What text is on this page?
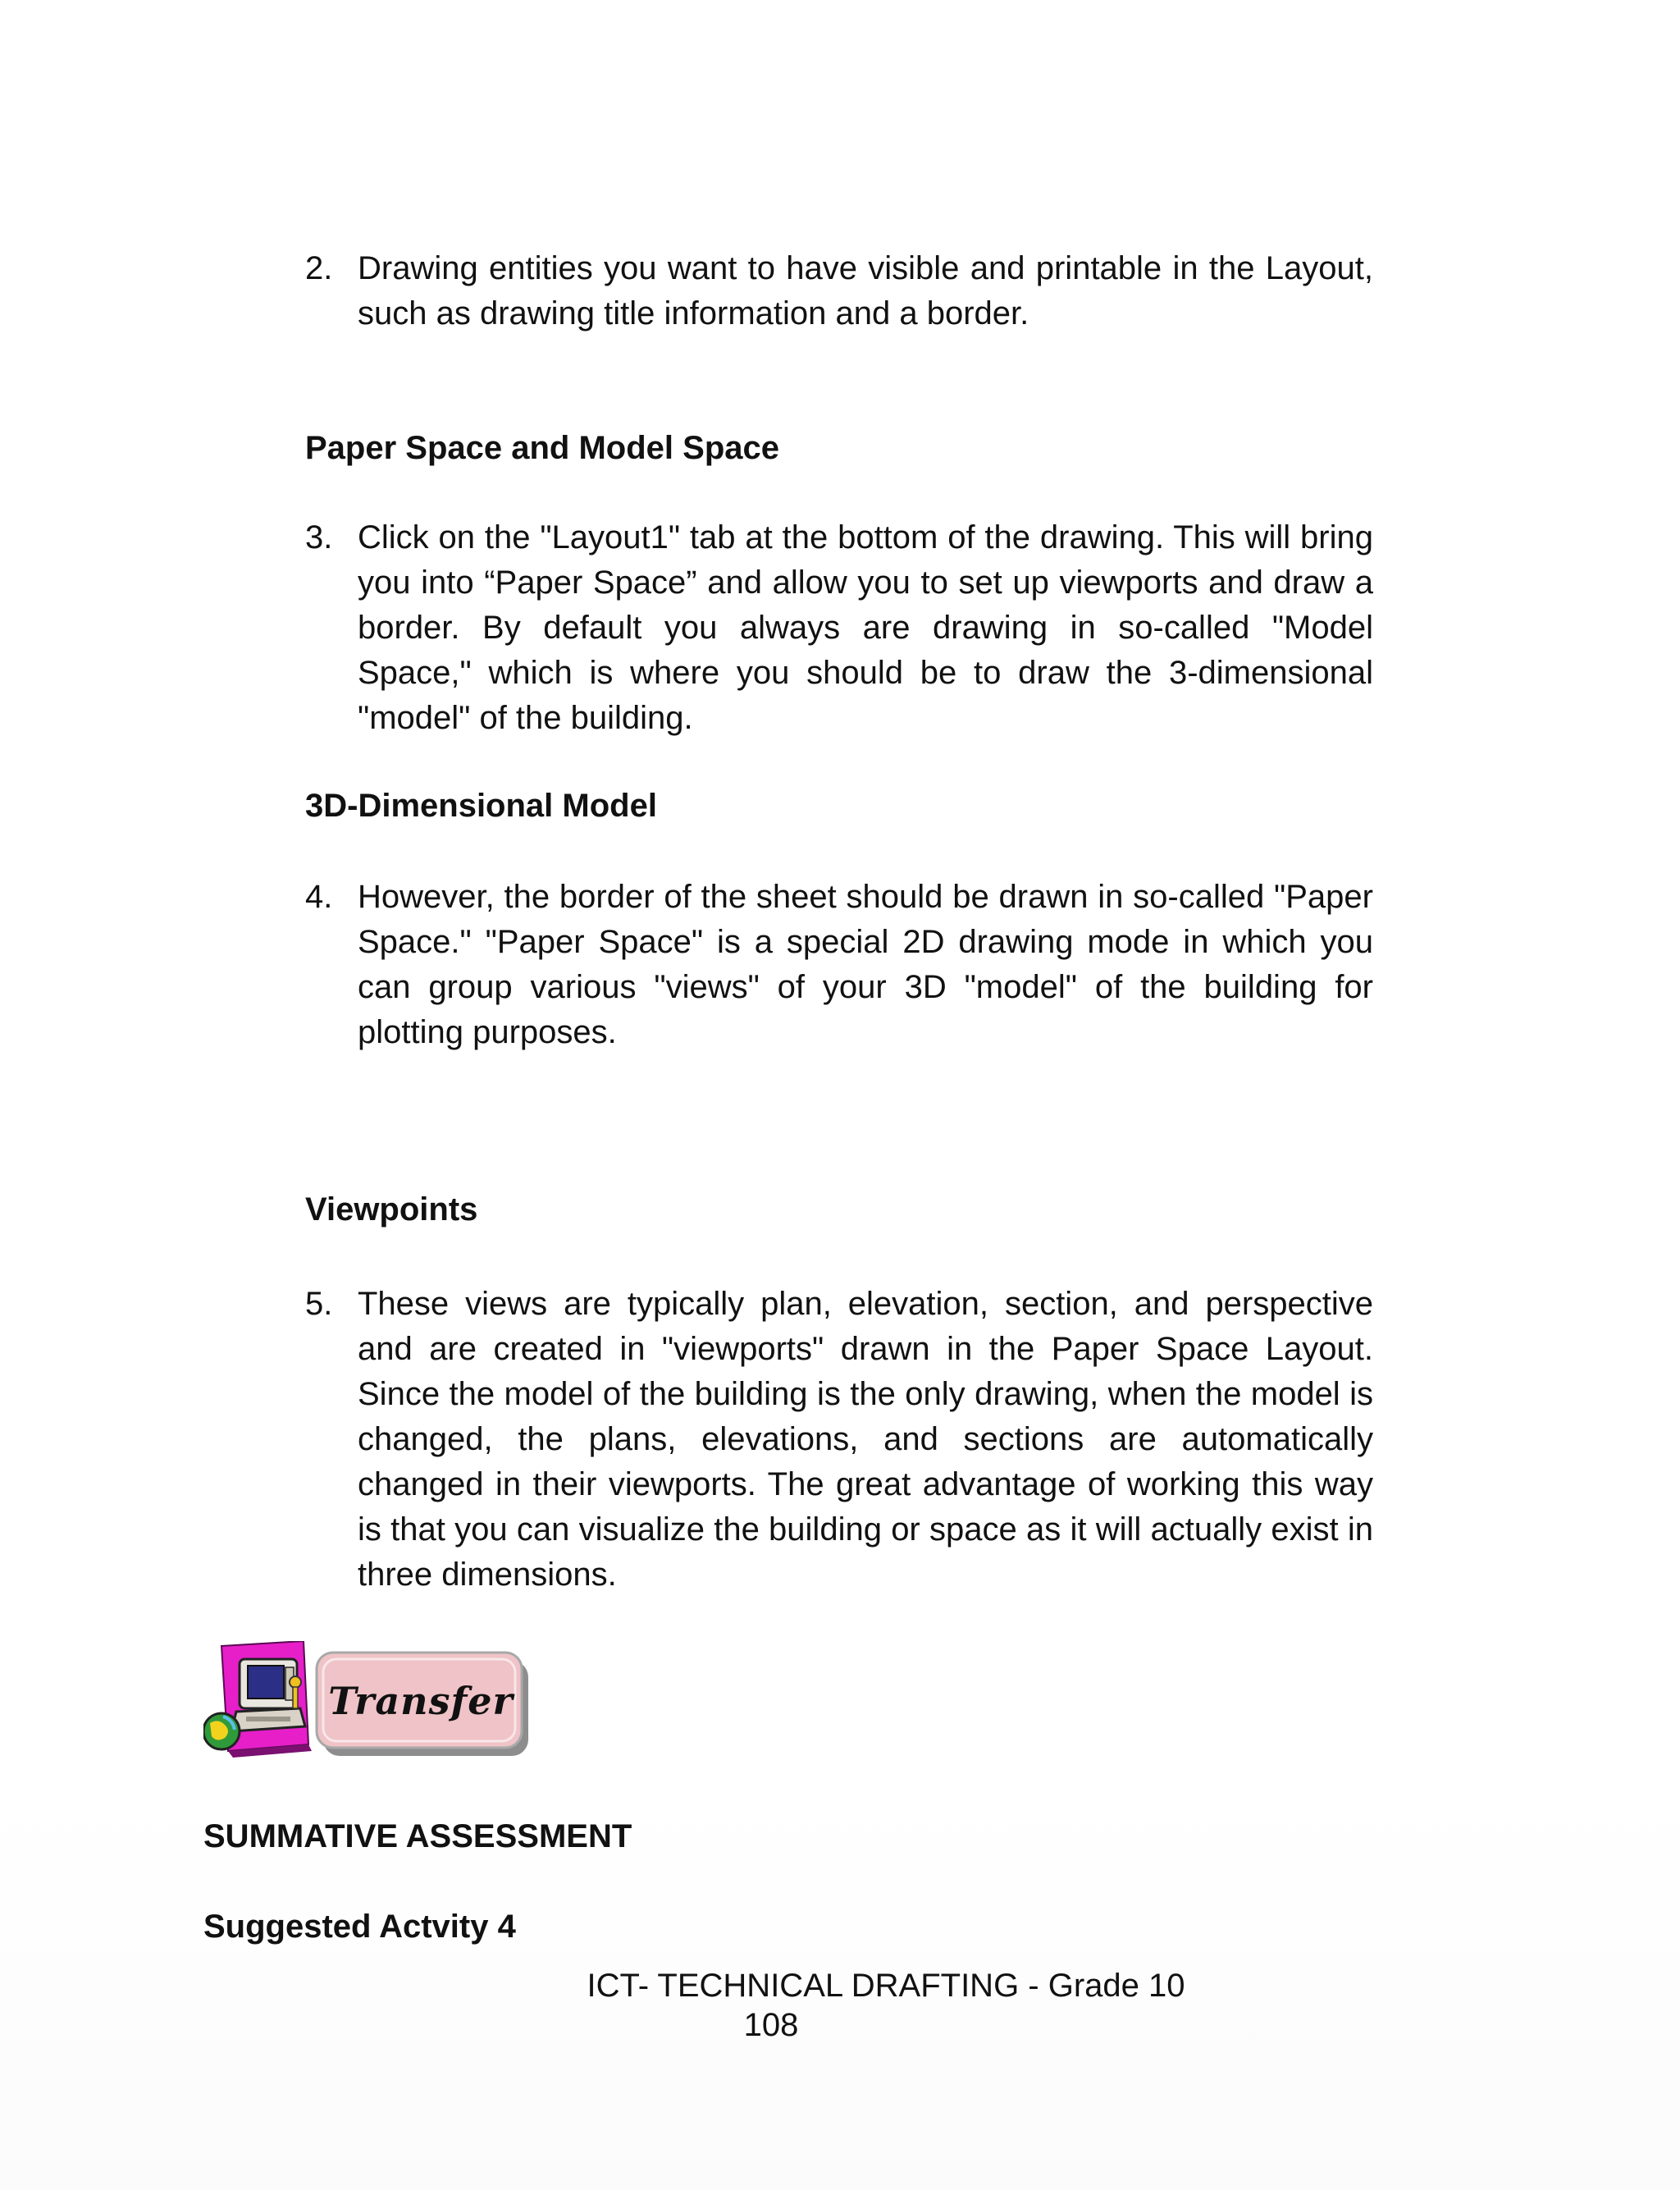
2. Drawing entities you want to have visible and printable in the Layout, such as drawing title information and a border.
Paper Space and Model Space
3. Click on the "Layout1" tab at the bottom of the drawing. This will bring you into “Paper Space” and allow you to set up viewports and draw a border. By default you always are drawing in so-called "Model Space," which is where you should be to draw the 3-dimensional "model" of the building.
3D-Dimensional Model
4. However, the border of the sheet should be drawn in so-called "Paper Space." "Paper Space" is a special 2D drawing mode in which you can group various "views" of your 3D "model" of the building for plotting purposes.
Viewpoints
5. These views are typically plan, elevation, section, and perspective and are created in "viewports" drawn in the Paper Space Layout. Since the model of the building is the only drawing, when the model is changed, the plans, elevations, and sections are automatically changed in their viewports. The great advantage of working this way is that you can visualize the building or space as it will actually exist in three dimensions.
Transfer
SUMMATIVE ASSESSMENT
Suggested Actvity 4
ICT- TECHNICAL DRAFTING - Grade 10
108
